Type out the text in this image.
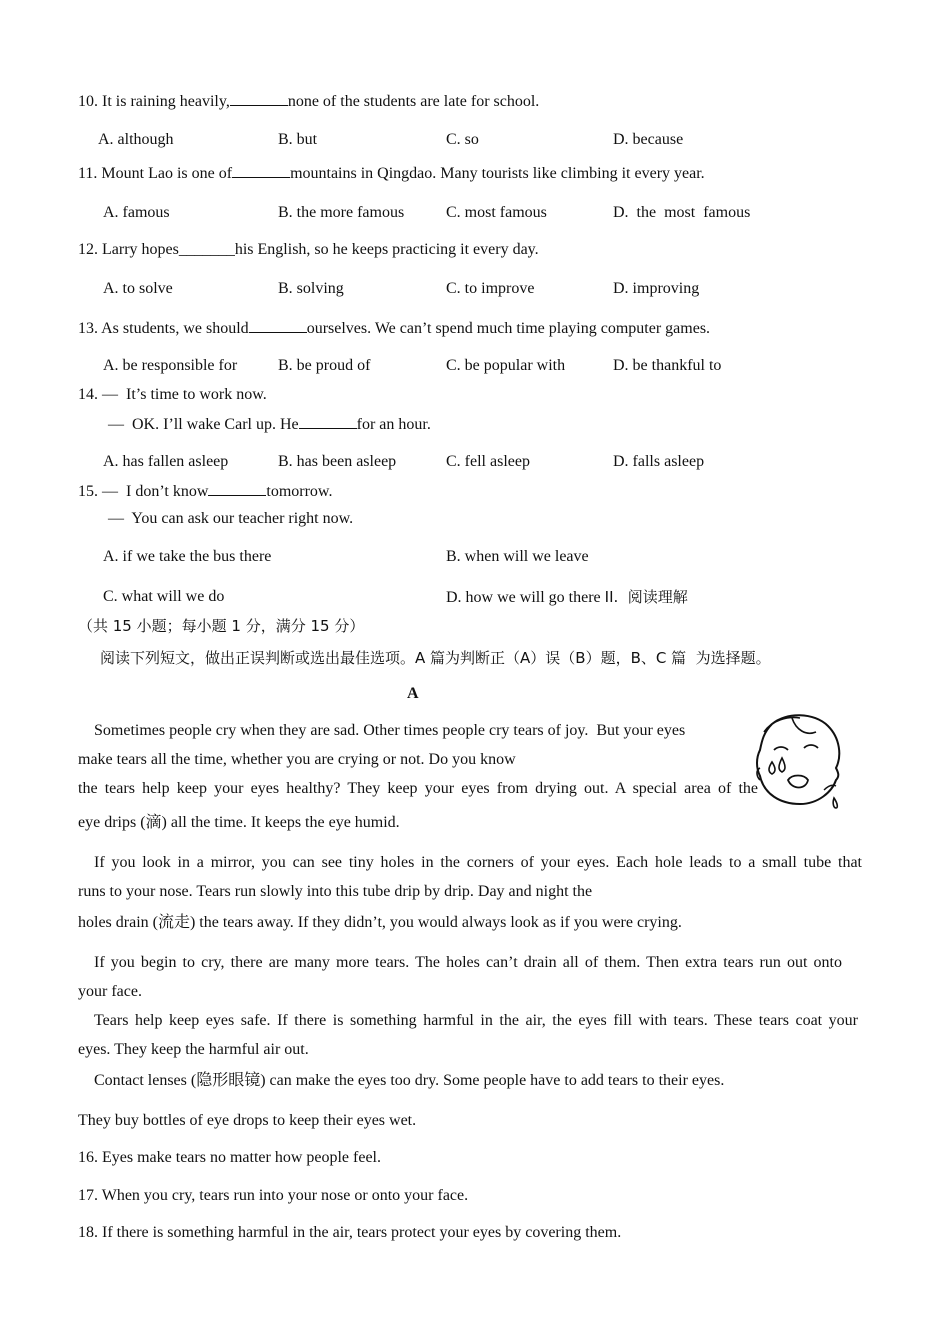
10. It is raining heavily,	none of the students are late for school.
A. although	B. but	C. so	D. because
11. Mount Lao is one of	mountains in Qingdao. Many tourists like climbing it every year.
A. famous	B. the more famous	C. most famous	D.  the  most  famous
12. Larry hopes_______his English, so he keeps practicing it every day.
A. to solve	B. solving	C. to improve	D. improving
13. As students, we should	ourselves. We can’t spend much time playing computer games.
A. be responsible for	B. be proud of	C. be popular with	D. be thankful to
14. —  It’s time to work now.
—  OK. I’ll wake Carl up. He	for an hour.
A. has fallen asleep	B. has been asleep	C. fell asleep	D. falls asleep
15. —  I don’t know	tomorrow.
—  You can ask our teacher right now.
A. if we take the bus there	B. when will we leave
C. what will we do	D. how we will go there II.  阅读理解
（共 15 小题；每小题 1 分，满分 15 分）
阅读下列短文，做出正误判断或选出最佳选项。A 篇为判断正（A）误（B）题，B、C 篇  为选择题。
A
Sometimes people cry when they are sad. Other times people cry tears of joy.  But your eyes
make tears all the time, whether you are crying or not. Do you know
the tears help keep your eyes healthy? They keep your eyes from drying out. A special area of the
eye drips (滴) all the time. It keeps the eye humid.
If you look in a mirror, you can see tiny holes in the corners of your eyes. Each hole leads to a small tube that
runs to your nose. Tears run slowly into this tube drip by drip. Day and night the
holes drain (流走) the tears away. If they didn’t, you would always look as if you were crying.
If you begin to cry, there are many more tears. The holes can’t drain all of them. Then extra tears run out onto
your face.
Tears help keep eyes safe. If there is something harmful in the air, the eyes fill with tears. These tears coat your
eyes. They keep the harmful air out.
Contact lenses (隐形眼镜) can make the eyes too dry. Some people have to add tears to their eyes.
They buy bottles of eye drops to keep their eyes wet.
16. Eyes make tears no matter how people feel.
17. When you cry, tears run into your nose or onto your face.
18. If there is something harmful in the air, tears protect your eyes by covering them.
